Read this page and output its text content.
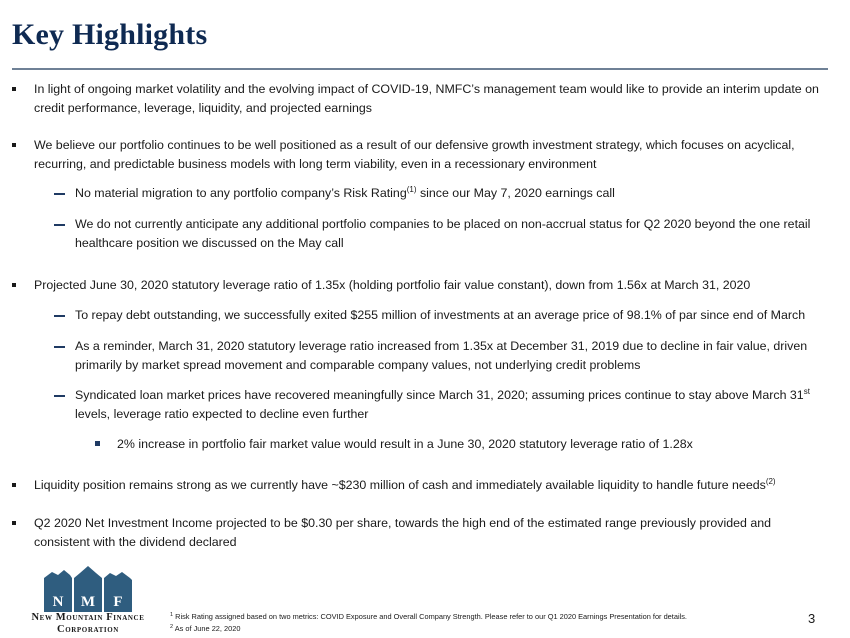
Key Highlights
In light of ongoing market volatility and the evolving impact of COVID-19, NMFC’s management team would like to provide an interim update on credit performance, leverage, liquidity, and projected earnings
We believe our portfolio continues to be well positioned as a result of our defensive growth investment strategy, which focuses on acyclical, recurring, and predictable business models with long term viability, even in a recessionary environment
No material migration to any portfolio company’s Risk Rating$^{(1)}$ since our May 7, 2020 earnings call
We do not currently anticipate any additional portfolio companies to be placed on non-accrual status for Q2 2020 beyond the one retail healthcare position we discussed on the May call
Projected June 30, 2020 statutory leverage ratio of 1.35x (holding portfolio fair value constant), down from 1.56x at March 31, 2020
To repay debt outstanding, we successfully exited $255 million of investments at an average price of 98.1% of par since end of March
As a reminder, March 31, 2020 statutory leverage ratio increased from 1.35x at December 31, 2019 due to decline in fair value, driven primarily by market spread movement and comparable company values, not underlying credit problems
Syndicated loan market prices have recovered meaningfully since March 31, 2020; assuming prices continue to stay above March 31st levels, leverage ratio expected to decline even further
2% increase in portfolio fair market value would result in a June 30, 2020 statutory leverage ratio of 1.28x
Liquidity position remains strong as we currently have ~$230 million of cash and immediately available liquidity to handle future needs$^{(2)}$
Q2 2020 Net Investment Income projected to be $0.30 per share, towards the high end of the estimated range previously provided and consistent with the dividend declared
N M F
New Mountain Finance
Corporation
$^1$ Risk Rating assigned based on two metrics: COVID Exposure and Overall Company Strength. Please refer to our Q1 2020 Earnings Presentation for details.
$^2$ As of June 22, 2020
3
